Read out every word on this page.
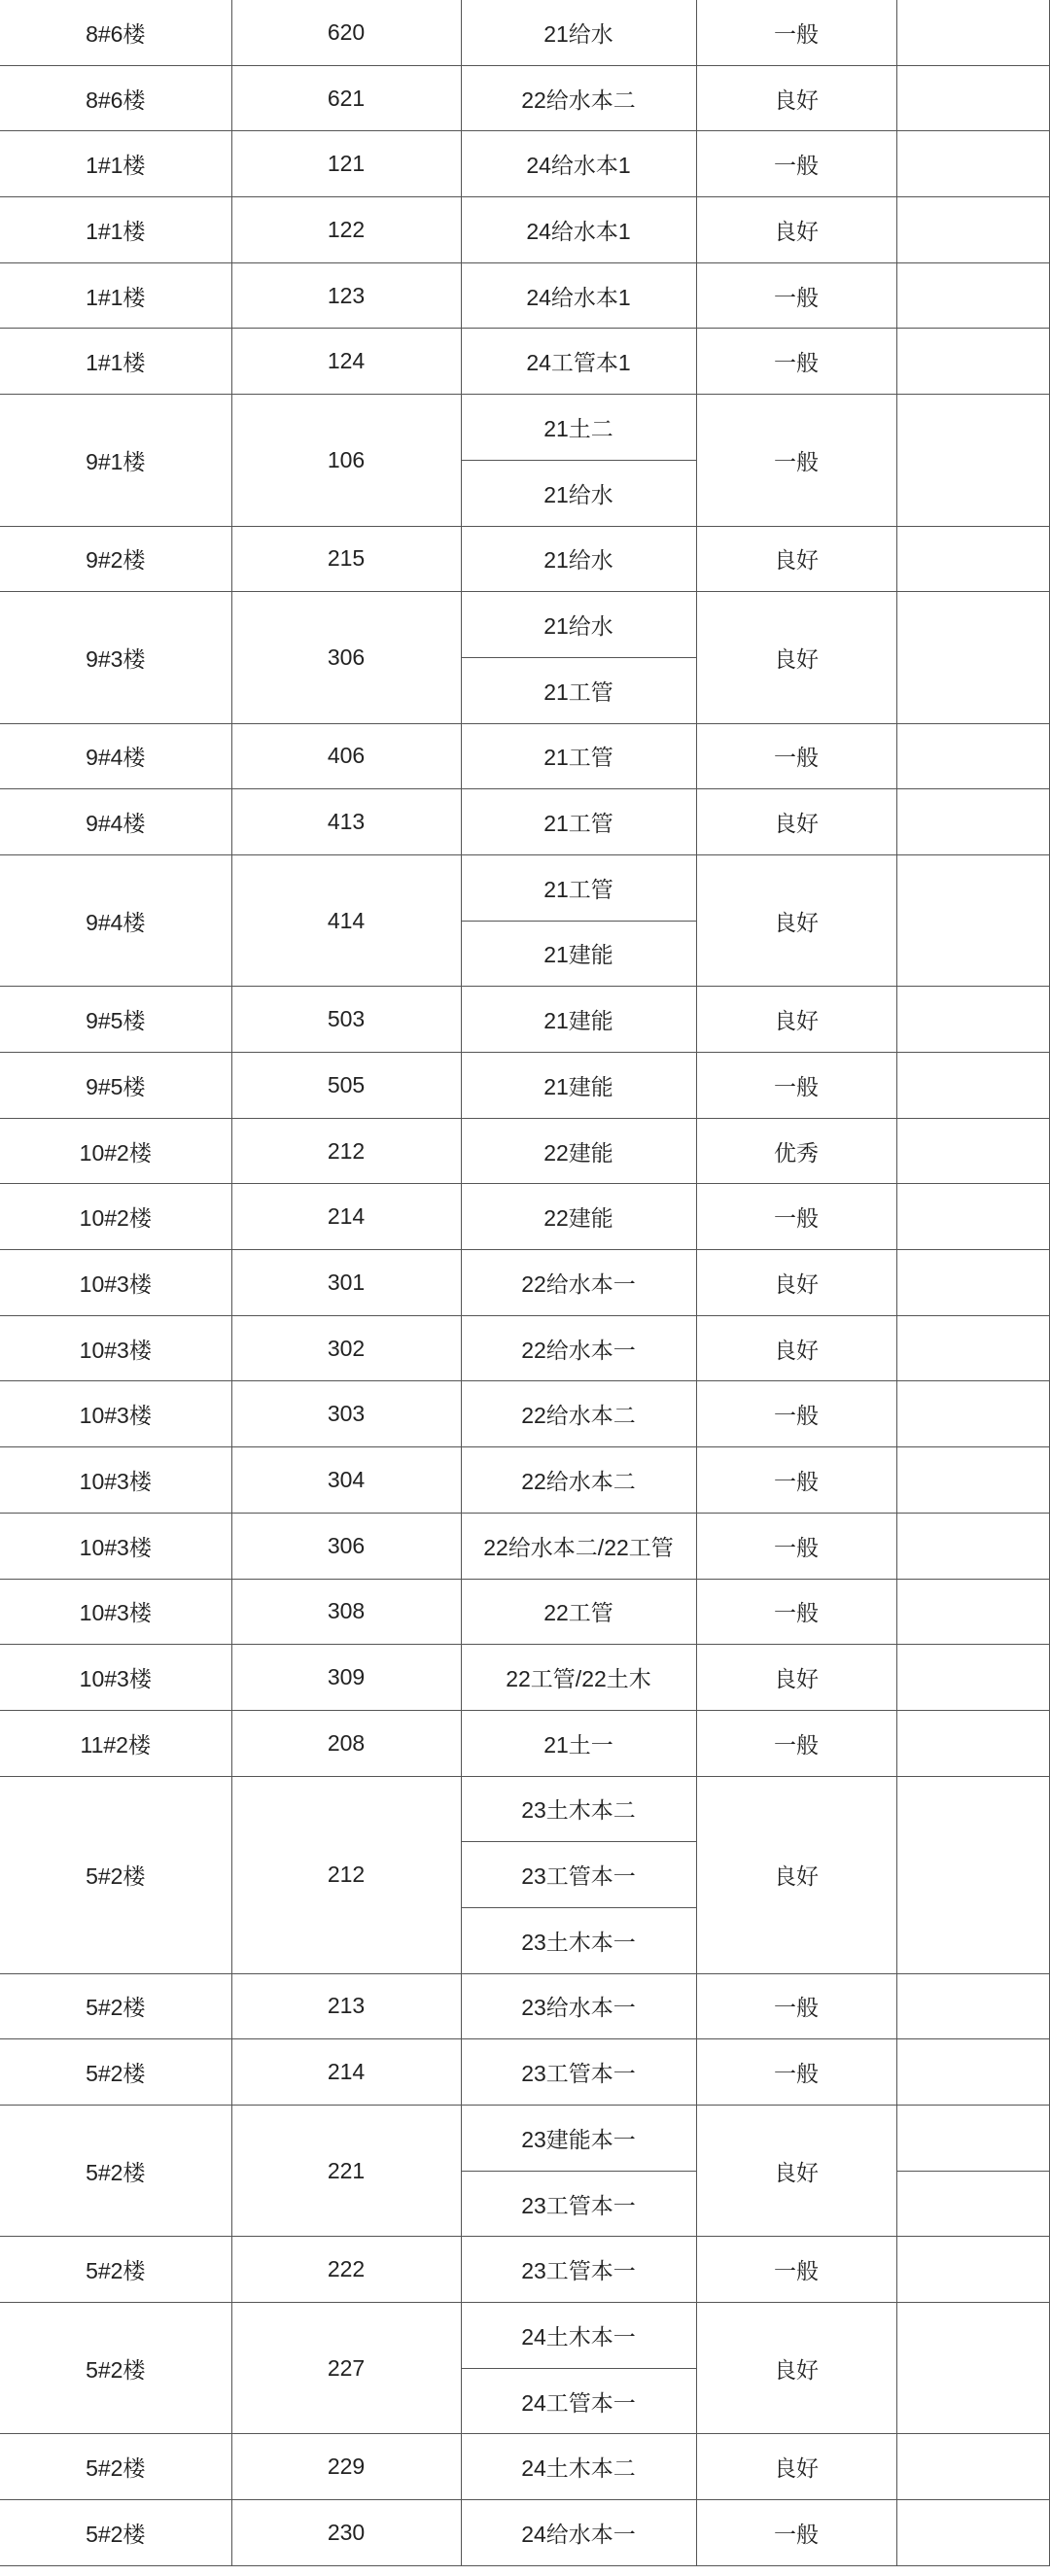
8#6楼	620	21给水	一般	
8#6楼	621	22给水本二	良好	
1#1楼	121	24给水本1	一般	
1#1楼	122	24给水本1	良好	
1#1楼	123	24给水本1	一般	
1#1楼	124	24工管本1	一般	
9#1楼	106	21土二	一般	
		21给水		
9#2楼	215	21给水	良好	
9#3楼	306	21给水	良好	
		21工管		
9#4楼	406	21工管	一般	
9#4楼	413	21工管	良好	
9#4楼	414	21工管	良好	
		21建能		
9#5楼	503	21建能	良好	
9#5楼	505	21建能	一般	
10#2楼	212	22建能	优秀	
10#2楼	214	22建能	一般	
10#3楼	301	22给水本一	良好	
10#3楼	302	22给水本一	良好	
10#3楼	303	22给水本二	一般	
10#3楼	304	22给水本二	一般	
10#3楼	306	22给水本二/22工管	一般	
10#3楼	308	22工管	一般	
10#3楼	309	22工管/22土木	良好	
11#2楼	208	21土一	一般	
5#2楼	212	23土木本二	良好	
		23工管本一		
		23土木本一		
5#2楼	213	23给水本一	一般	
5#2楼	214	23工管本一	一般	
5#2楼	221	23建能本一	良好	
		23工管本一		
5#2楼	222	23工管本一	一般	
5#2楼	227	24土木本一	良好	
		24工管本一		
5#2楼	229	24土木本二	良好	
5#2楼	230	24给水本一	一般	
